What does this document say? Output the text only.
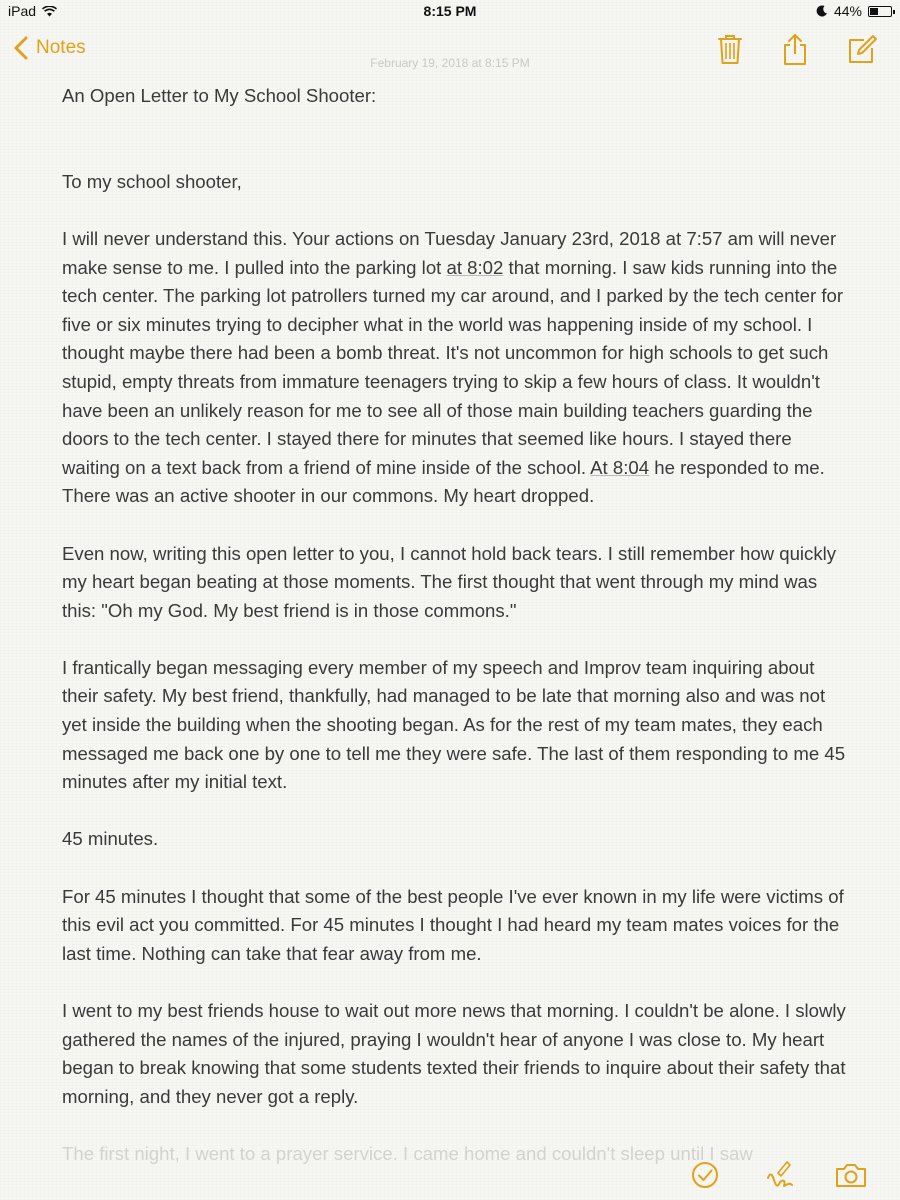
iPad	8:15 PM	44%
Notes
February 19, 2018 at 8:15 PM

An Open Letter to My School Shooter:

To my school shooter,

I will never understand this. Your actions on Tuesday January 23rd, 2018 at 7:57 am will never make sense to me. I pulled into the parking lot at 8:02 that morning. I saw kids running into the tech center. The parking lot patrollers turned my car around, and I parked by the tech center for five or six minutes trying to decipher what in the world was happening inside of my school. I thought maybe there had been a bomb threat. It's not uncommon for high schools to get such stupid, empty threats from immature teenagers trying to skip a few hours of class. It wouldn't have been an unlikely reason for me to see all of those main building teachers guarding the doors to the tech center. I stayed there for minutes that seemed like hours. I stayed there waiting on a text back from a friend of mine inside of the school. At 8:04 he responded to me. There was an active shooter in our commons. My heart dropped.

Even now, writing this open letter to you, I cannot hold back tears. I still remember how quickly my heart began beating at those moments. The first thought that went through my mind was this: "Oh my God. My best friend is in those commons."

I frantically began messaging every member of my speech and Improv team inquiring about their safety. My best friend, thankfully, had managed to be late that morning also and was not yet inside the building when the shooting began. As for the rest of my team mates, they each messaged me back one by one to tell me they were safe. The last of them responding to me 45 minutes after my initial text.

45 minutes.

For 45 minutes I thought that some of the best people I've ever known in my life were victims of this evil act you committed. For 45 minutes I thought I had heard my team mates voices for the last time. Nothing can take that fear away from me.

I went to my best friends house to wait out more news that morning. I couldn't be alone. I slowly gathered the names of the injured, praying I wouldn't hear of anyone I was close to. My heart began to break knowing that some students texted their friends to inquire about their safety that morning, and they never got a reply.

The first night, I went to a prayer service. I came home and couldn't sleep until I saw
